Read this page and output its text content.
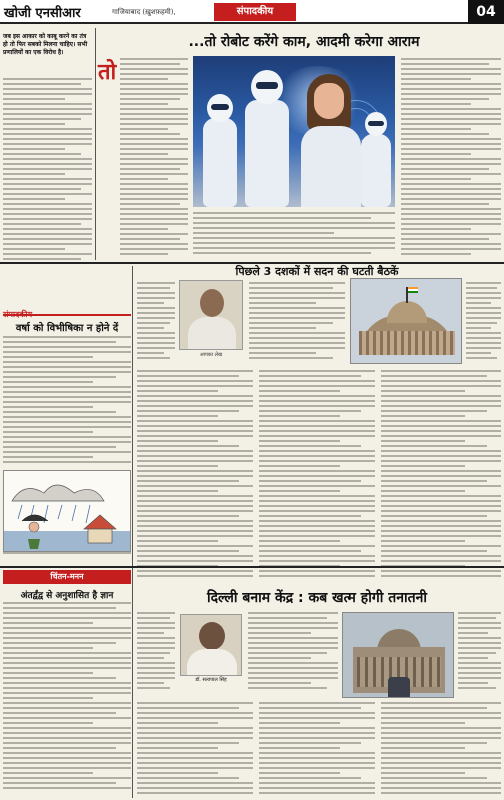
खोजी एनसीआर	गाजियाबाद (ख़ुशफ़हमी),	संपादकीय	04
जब इस आकार को काबू करने का तंत्र हो तो फिर सबको मिलना चाहिए। सभी प्रणालियों का एक विरोध है।
...तो रोबोट करेंगे काम, आदमी करेगा आराम
तो
संपादकीय
वर्षा को विभीषिका न होने दें
पिछले 3 दशकों में सदन की घटती बैठकें
आपका लेख
चिंतन-मनन
अंतर्द्वंद्व से अनुशासित है ज्ञान	दिल्ली बनाम केंद्र : कब खत्म होगी तनातनी
डॉ. सत्यपाल सिंह
